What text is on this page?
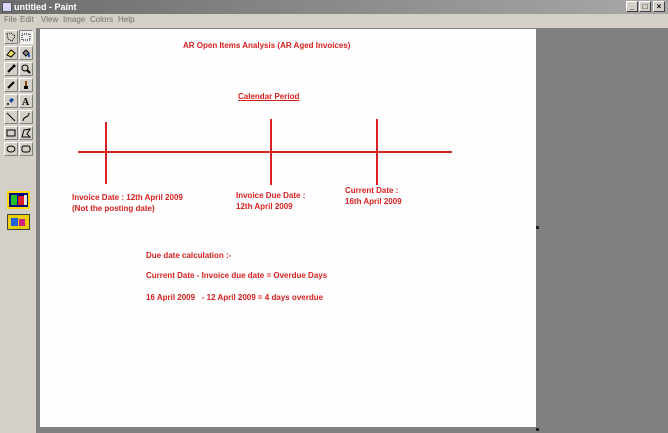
untitled - Paint	_	□	×
File Edit View Image Colors Help
A
AR Open Items Analysis (AR Aged Invoices)
Calendar Period
Invoice Date : 12th April 2009
(Not the posting date)
Invoice Due Date :
12th April 2009
Current Date :
16th April 2009
Due date calculation :-
Current Date - Invoice due date = Overdue Days
16 April 2009   - 12 April 2009 = 4 days overdue
